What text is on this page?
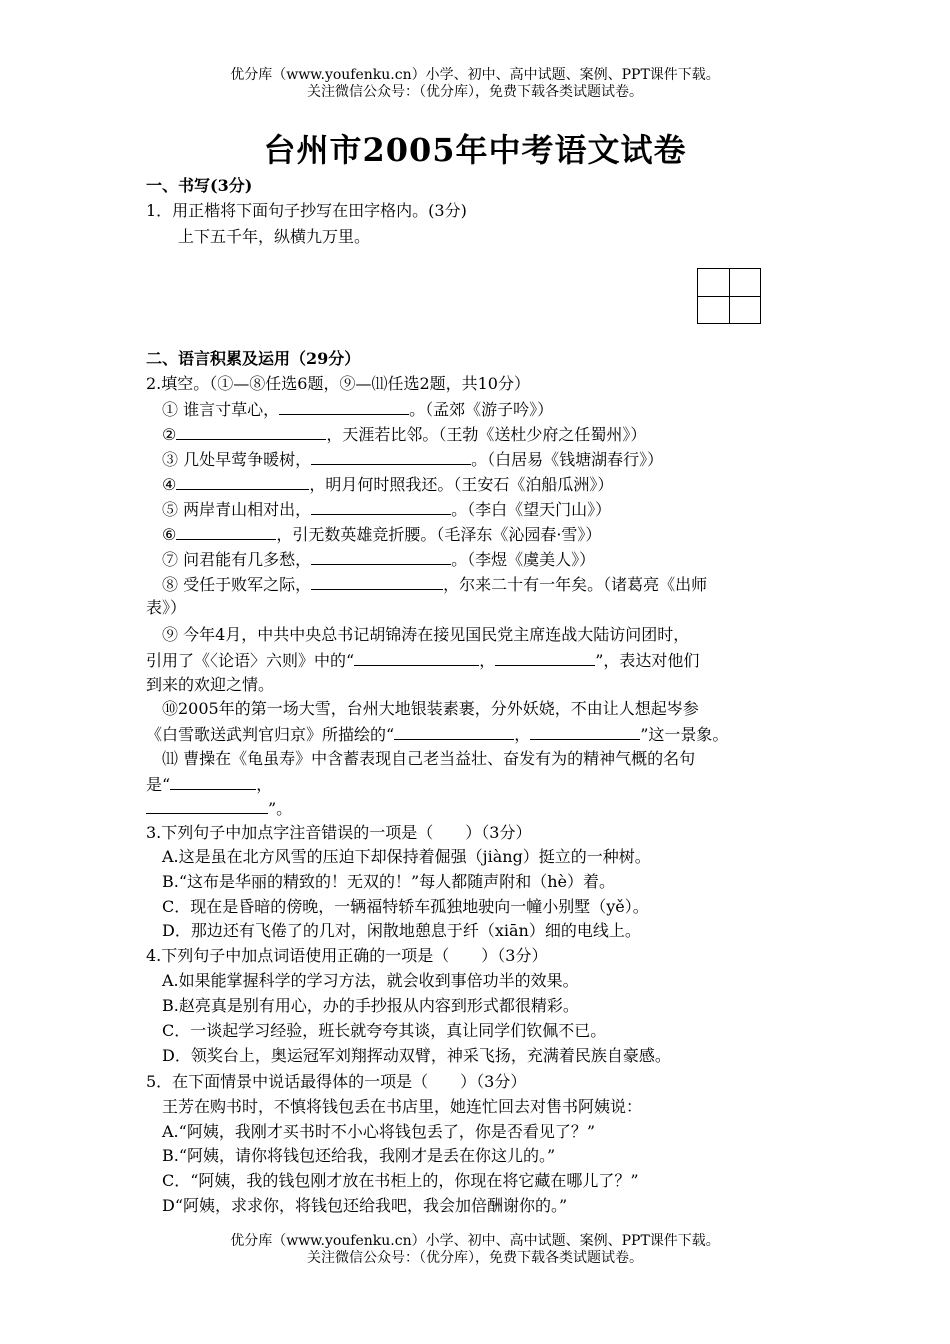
优分库（www.youfenku.cn）小学、初中、高中试题、案例、PPT课件下载。
关注微信公众号：（优分库），免费下载各类试题试卷。
台州市2005年中考语文试卷
一、书写(3分)
1．用正楷将下面句子抄写在田字格内。(3分)
上下五千年，纵横九万里。
二、语言积累及运用（29分）
2.填空。（①—⑧任选6题，⑨—⑾任选2题，共10分）
① 谁言寸草心，	。（孟郊《游子吟》）
②	，天涯若比邻。（王勃《送杜少府之任蜀州》）
③ 几处早莺争暖树，	。（白居易《钱塘湖春行》）
④	，明月何时照我还。（王安石《泊船瓜洲》）
⑤ 两岸青山相对出，	。（李白《望天门山》）
⑥	，引无数英雄竞折腰。（毛泽东《沁园春·雪》）
⑦ 问君能有几多愁，	。（李煜《虞美人》）
⑧ 受任于败军之际，	，尔来二十有一年矣。（诸葛亮《出师
表》）
⑨ 今年4月，中共中央总书记胡锦涛在接见国民党主席连战大陆访问团时，
引用了《〈论语〉六则》中的“	，	”，表达对他们
到来的欢迎之情。
⑩2005年的第一场大雪，台州大地银装素裹，分外妖娆，不由让人想起岑参
《白雪歌送武判官归京》所描绘的“	，	”这一景象。
⑾ 曹操在《龟虽寿》中含蓄表现自己老当益壮、奋发有为的精神气概的名句
是“	，
”。
3.下列句子中加点字注音错误的一项是（　　）（3分）
A.这是虽在北方风雪的压迫下却保持着倔强（jiàng）挺立的一种树。
B.“这布是华丽的精致的！无双的！”每人都随声附和（hè）着。
C．现在是昏暗的傍晚，一辆福特轿车孤独地驶向一幢小别墅（yě）。
D．那边还有飞倦了的几对，闲散地憩息于纤（xiān）细的电线上。
4.下列句子中加点词语使用正确的一项是（　　）（3分）
A.如果能掌握科学的学习方法，就会收到事倍功半的效果。
B.赵亮真是别有用心，办的手抄报从内容到形式都很精彩。
C．一谈起学习经验，班长就夸夸其谈，真让同学们钦佩不已。
D．领奖台上，奥运冠军刘翔挥动双臂，神采飞扬，充满着民族自豪感。
5．在下面情景中说话最得体的一项是（　　）（3分）
王芳在购书时，不慎将钱包丢在书店里，她连忙回去对售书阿姨说：
A.“阿姨，我刚才买书时不小心将钱包丢了，你是否看见了？”
B.“阿姨，请你将钱包还给我，我刚才是丢在你这儿的。”
C．“阿姨，我的钱包刚才放在书柜上的，你现在将它藏在哪儿了？”
D“阿姨，求求你，将钱包还给我吧，我会加倍酬谢你的。”
优分库（www.youfenku.cn）小学、初中、高中试题、案例、PPT课件下载。
关注微信公众号：（优分库），免费下载各类试题试卷。
